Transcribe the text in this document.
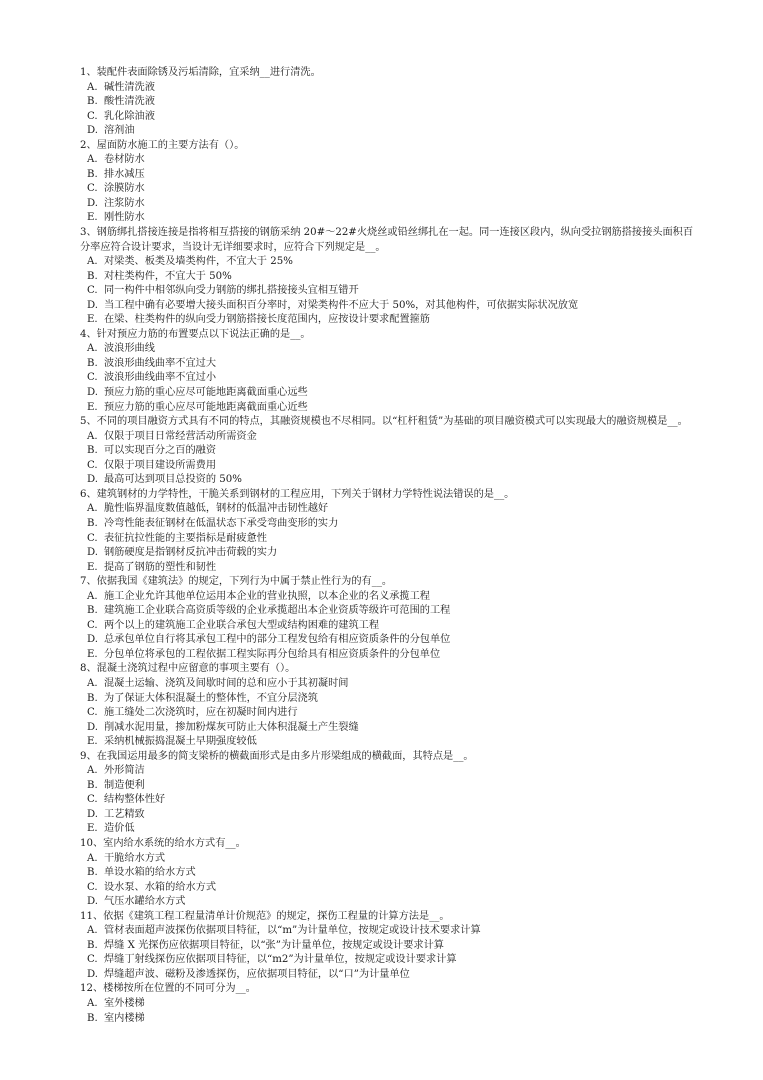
1、装配件表面除锈及污垢清除，宜采纳__进行清洗。

A. 碱性清洗液
B. 酸性清洗液
C. 乳化除油液
D. 溶剂油

2、屋面防水施工的主要方法有（）。

A. 卷材防水
B. 排水减压
C. 涂膜防水
D. 注浆防水
E. 刚性防水

3、钢筋绑扎搭接连接是指将相互搭接的钢筋采纳 20#～22#火烧丝或铅丝绑扎在一起。同一连接区段内，纵向受拉钢筋搭接接头面积百分率应符合设计要求，当设计无详细要求时，应符合下列规定是__。

A. 对梁类、板类及墙类构件，不宜大于 25%
B. 对柱类构件，不宜大于 50%
C. 同一构件中相邻纵向受力钢筋的绑扎搭接接头宜相互错开
D. 当工程中确有必要增大接头面积百分率时，对梁类构件不应大于 50%，对其他构件，可依据实际状况放宽
E. 在梁、柱类构件的纵向受力钢筋搭接长度范围内，应按设计要求配置箍筋

4、针对预应力筋的布置要点以下说法正确的是__。

A. 波浪形曲线
B. 波浪形曲线曲率不宜过大
C. 波浪形曲线曲率不宜过小
D. 预应力筋的重心应尽可能地距离截面重心远些
E. 预应力筋的重心应尽可能地距离截面重心近些

5、不同的项目融资方式具有不同的特点，其融资规模也不尽相同。以“杠杆租赁”为基础的项目融资模式可以实现最大的融资规模是__。

A. 仅限于项目日常经营活动所需资金
B. 可以实现百分之百的融资
C. 仅限于项目建设所需费用
D. 最高可达到项目总投资的 50%

6、建筑钢材的力学特性，干脆关系到钢材的工程应用，下列关于钢材力学特性说法错误的是__。

A. 脆性临界温度数值越低，钢材的低温冲击韧性越好
B. 冷弯性能表征钢材在低温状态下承受弯曲变形的实力
C. 表征抗拉性能的主要指标是耐疲惫性
D. 钢筋硬度是指钢材反抗冲击荷载的实力
E. 提高了钢筋的塑性和韧性

7、依据我国《建筑法》的规定，下列行为中属于禁止性行为的有__。

A. 施工企业允许其他单位运用本企业的营业执照，以本企业的名义承揽工程
B. 建筑施工企业联合高资质等级的企业承揽超出本企业资质等级许可范围的工程
C. 两个以上的建筑施工企业联合承包大型或结构困难的建筑工程
D. 总承包单位自行将其承包工程中的部分工程发包给有相应资质条件的分包单位
E. 分包单位将承包的工程依据工程实际再分包给具有相应资质条件的分包单位

8、混凝土浇筑过程中应留意的事项主要有（）。

A. 混凝土运输、浇筑及间歇时间的总和应小于其初凝时间
B. 为了保证大体积混凝土的整体性，不宜分层浇筑
C. 施工缝处二次浇筑时，应在初凝时间内进行
D. 削减水泥用量，掺加粉煤灰可防止大体积混凝土产生裂缝
E. 采纳机械振捣混凝土早期强度较低

9、在我国运用最多的简支梁桥的横截面形式是由多片形梁组成的横截面，其特点是__。

A. 外形简洁
B. 制造便利
C. 结构整体性好
D. 工艺精致
E. 造价低

10、室内给水系统的给水方式有__。

A. 干脆给水方式
B. 单设水箱的给水方式
C. 设水泵、水箱的给水方式
D. 气压水罐给水方式

11、依据《建筑工程工程量清单计价规范》的规定，探伤工程量的计算方法是__。

A. 管材表面超声波探伤依据项目特征，以“m”为计量单位，按规定或设计技术要求计算
B. 焊缝 X 光探伤应依据项目特征，以“张”为计量单位，按规定或设计要求计算
C. 焊缝丁射线探伤应依据项目特征，以“m2”为计量单位，按规定或设计要求计算
D. 焊缝超声波、磁粉及渗透探伤，应依据项目特征，以“口”为计量单位

12、楼梯按所在位置的不同可分为__。

A. 室外楼梯
B. 室内楼梯
